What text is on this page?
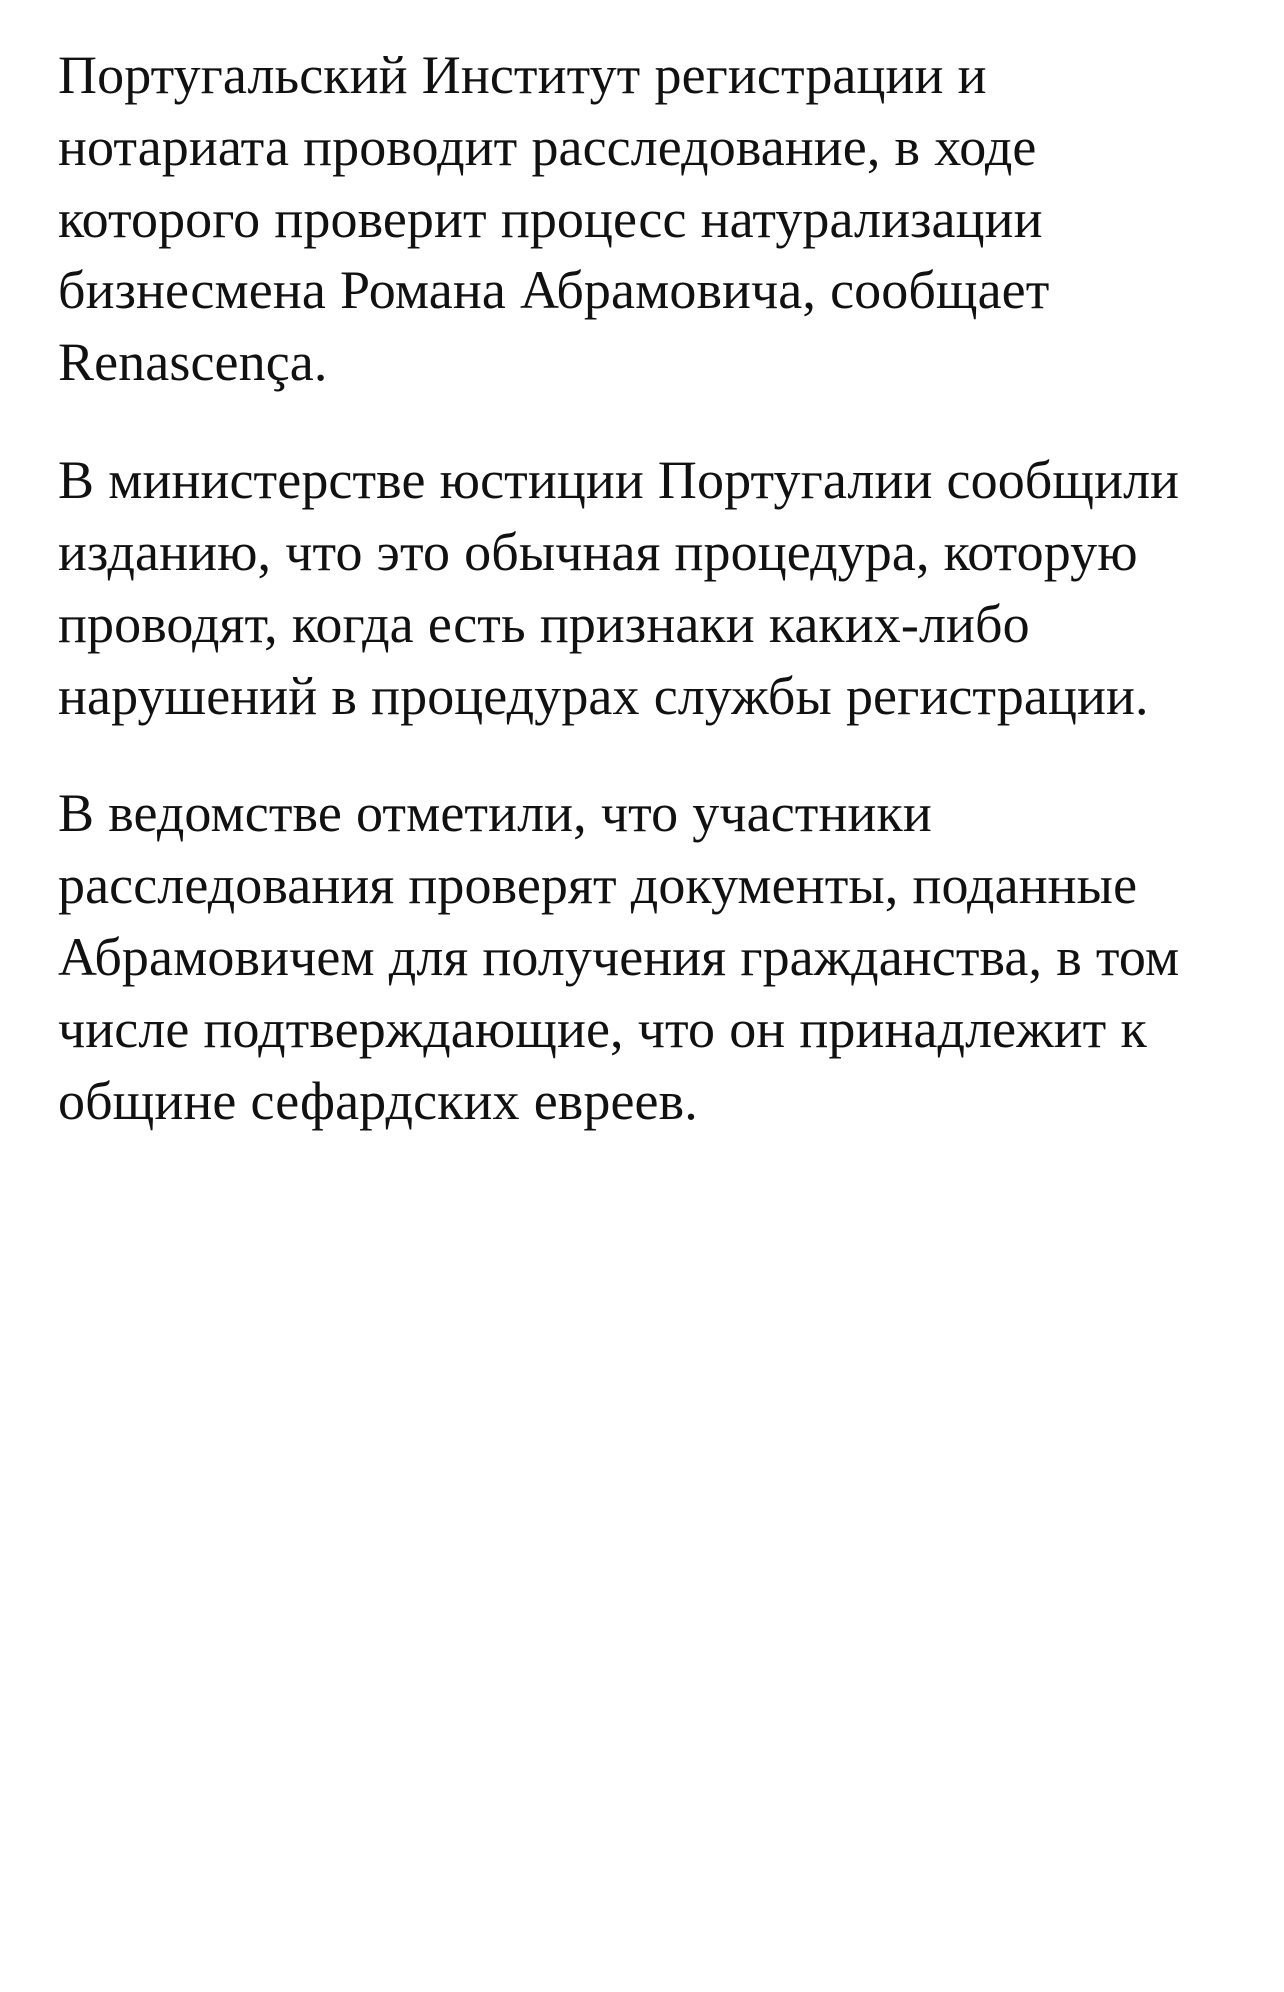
Португальский Институт регистрации и нотариата проводит расследование, в ходе которого проверит процесс натурализации бизнесмена Романа Абрамовича, сообщает Renascença.

В министерстве юстиции Португалии сообщили изданию, что это обычная процедура, которую проводят, когда есть признаки каких-либо нарушений в процедурах службы регистрации.

В ведомстве отметили, что участники расследования проверят документы, поданные Абрамовичем для получения гражданства, в том числе подтверждающие, что он принадлежит к общине сефардских евреев.
